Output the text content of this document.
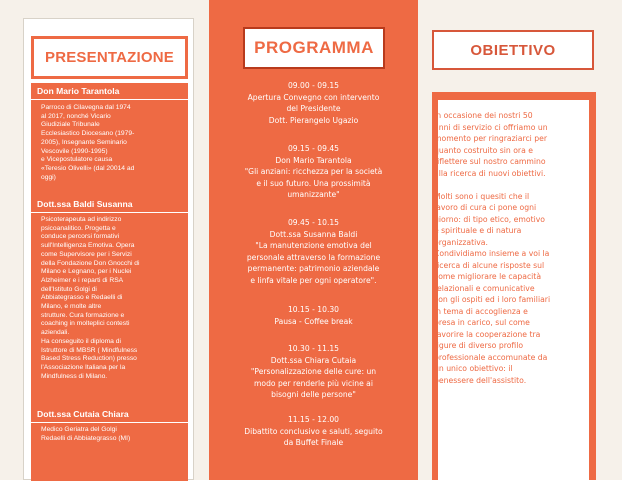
PRESENTAZIONE
Don Mario Tarantola
Parroco di Cilavegna dal 1974
al 2017, nonché Vicario
Giudiziale Tribunale
Ecclesiastico Diocesano (1979-
2005), Insegnante Seminario
Vescovile (1990-1995)
e Vicepostulatore causa
«Teresio Olivelli» (dal 20014 ad
oggi)
Dott.ssa Baldi Susanna
Psicoterapeuta ad indirizzo
psicoanalitico. Progetta e
conduce percorsi formativi
sull'Intelligenza Emotiva. Opera
come Supervisore per i Servizi
della Fondazione Don Gnocchi di
Milano e Legnano, per i Nuclei
Alzheimer e i reparti di RSA
dell'Istituto Golgi di
Abbiategrasso e Redaelli di
Milano, e molte altre
strutture. Cura formazione e
coaching in molteplici contesti
aziendali.
Ha conseguito il diploma di
Istruttore di MBSR ( Mindfulness
Based Stress Reduction) presso
l'Associazione Italiana per la
Mindfulness di Milano.
Dott.ssa Cutaia Chiara
Medico Geriatra del Golgi
Redaelli di Abbiategrasso (MI)
PROGRAMMA
09.00 - 09.15
Apertura Convegno con intervento
del Presidente
Dott. Pierangelo Ugazio
09.15 - 09.45
Don Mario Tarantola
"Gli anziani: ricchezza per la società
e il suo futuro. Una prossimità
umanizzante"
09.45 - 10.15
Dott.ssa Susanna Baldi
"La manutenzione emotiva del
personale attraverso la formazione
permanente: patrimonio aziendale
e linfa vitale per ogni operatore".
10.15 - 10.30
Pausa - Coffee break
10.30 - 11.15
Dott.ssa Chiara Cutaia
"Personalizzazione delle cure: un
modo per renderle più vicine ai
bisogni delle persone"
11.15 - 12.00
Dibattito conclusivo e saluti, seguito
da Buffet Finale
OBIETTIVO
In occasione dei nostri 50
anni di servizio ci offriamo un
momento per ringraziarci per
quanto costruito sin ora e
riflettere sul nostro cammino
alla ricerca di nuovi obiettivi.

Molti sono i quesiti che il
lavoro di cura ci pone ogni
giorno: di tipo etico, emotivo
e spirituale e di natura
organizzativa.
Condividiamo insieme a voi la
ricerca di alcune risposte sul
come migliorare le capacità
relazionali e comunicative
con gli ospiti ed i loro familiari
in tema di accoglienza e
presa in carico, sul come
favorire la cooperazione tra
figure di diverso profilo
professionale accomunate da
un unico obiettivo: il
benessere dell'assistito.
